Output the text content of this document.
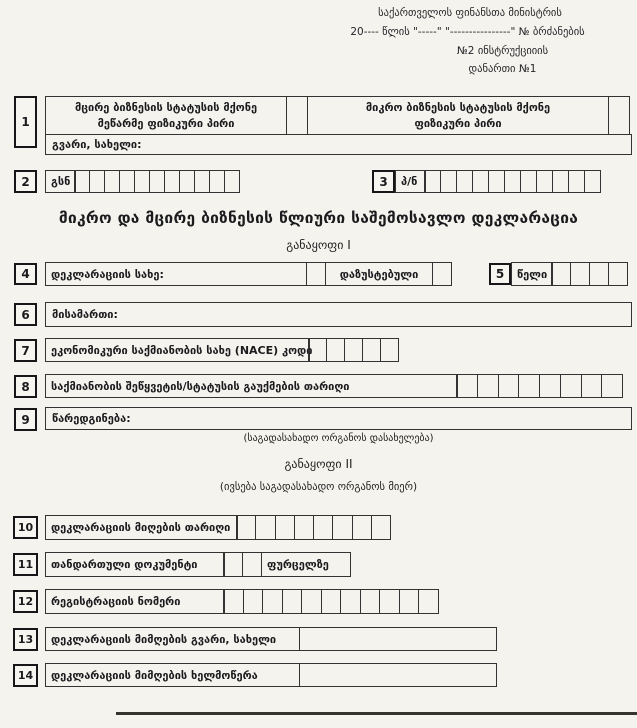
საქართველოს ფინანსთა მინისტრის
20---- წლის "-----" "----------------" № ბრძანების
№2 ინსტრუქციიის
დანართი №1
1
მცირე ბიზნესის სტატუსის მქონე
მეწარმე ფიზიკური პირი
მიკრო ბიზნესის სტატუსის მქონე
ფიზიკური პირი
გვარი, სახელი:
2	გსნ	3	პ/ნ
მიკრო და მცირე ბიზნესის წლიური საშემოსავლო დეკლარაცია
განაყოფი I
4	დეკლარაციის სახე:	დაზუსტებული	5	წელი
6	მისამართი:
7	ეკონომიკური საქმიანობის სახე (NACE) კოდი
8	საქმიანობის შეწყვეტის/სტატუსის გაუქმების თარიღი
9	წარედგინება:
(საგადასახადო ორგანოს დასახელება)
განაყოფი II
(ივსება საგადასახადო ორგანოს მიერ)
10	დეკლარაციის მიღების თარიღი
11	თანდართული დოკუმენტი	ფურცელზე
12	რეგისტრაციის ნომერი
13	დეკლარაციის მიმღების გვარი, სახელი
14	დეკლარაციის მიმღების ხელმოწერა
